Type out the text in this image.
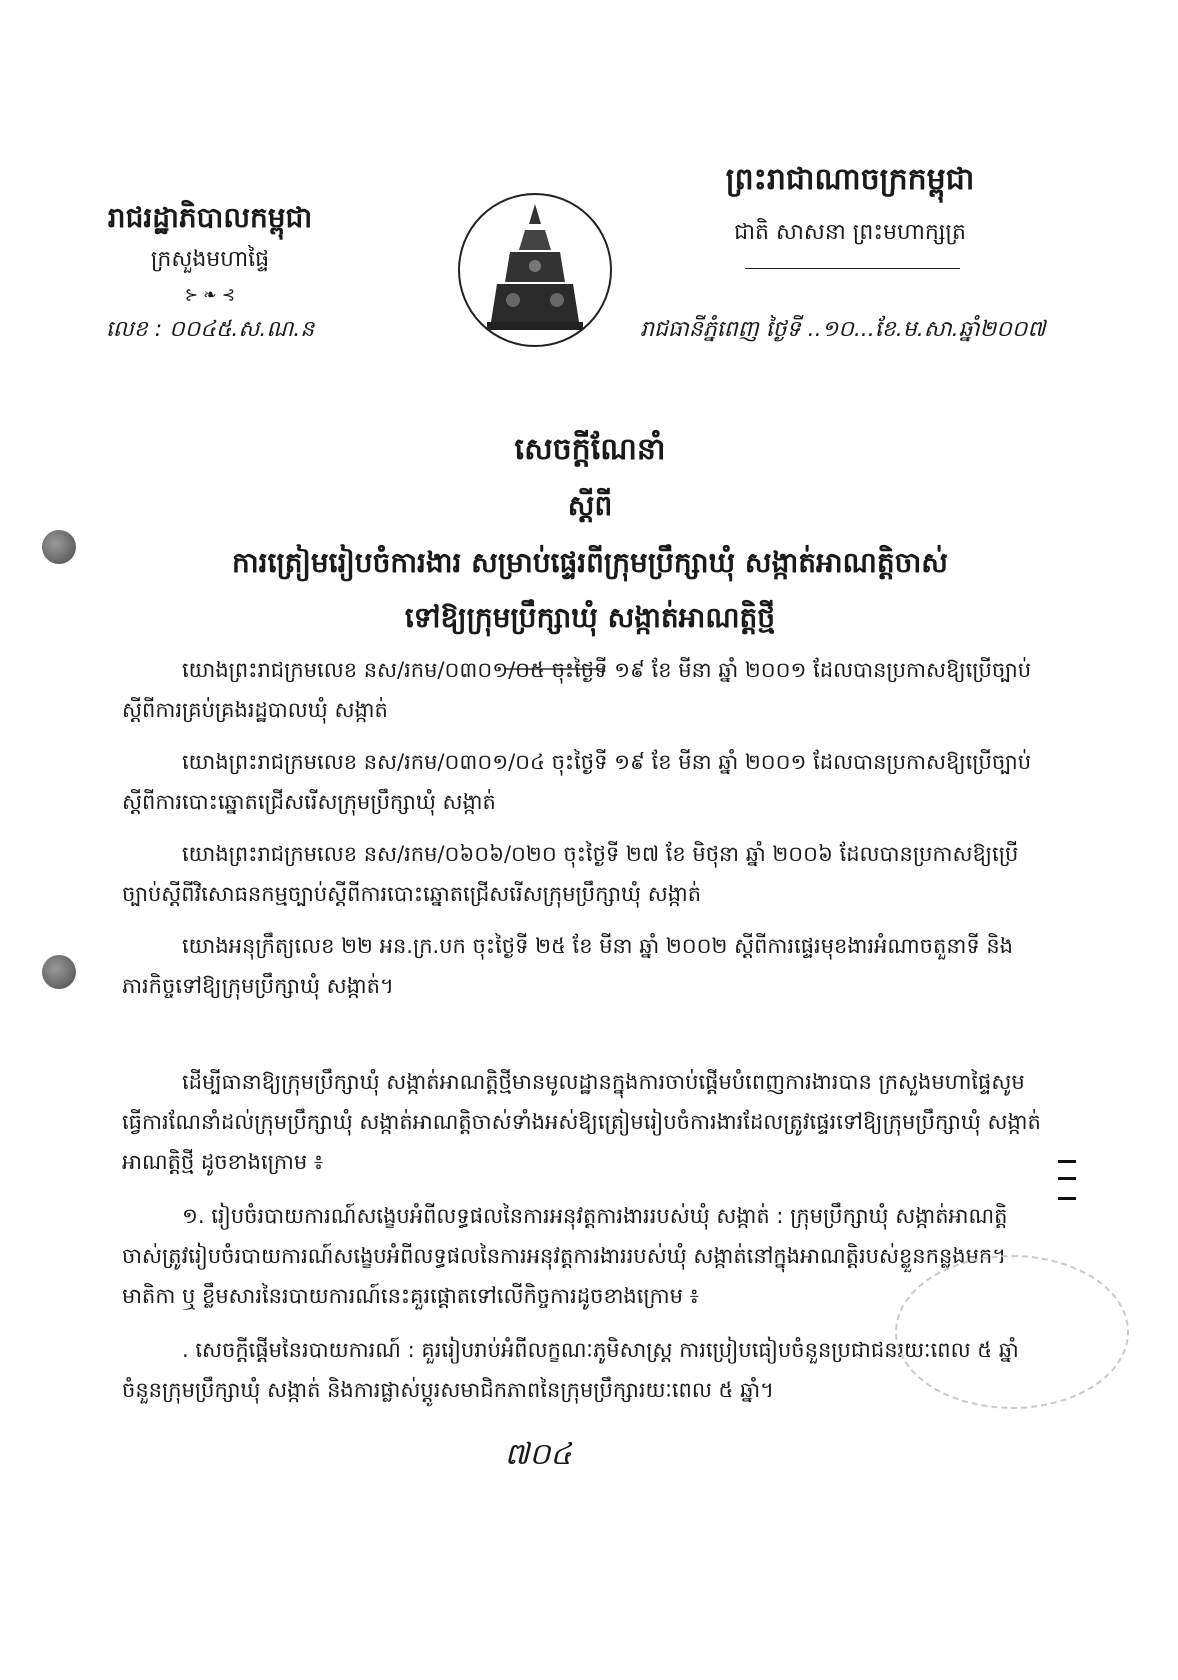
ព្រះរាជាណាចក្រកម្ពុជា
ជាតិ សាសនា ព្រះមហាក្សត្រ
រាជធានីភ្នំពេញ ថ្ងៃទី ..១០...ខែ.ម.សា.ឆ្នាំ២០០៧
រាជរដ្ឋាភិបាលកម្ពុជា
ក្រសួងមហាផ្ទៃ
⊱ ❧ ⊰
លេខ : ០០៤៥.ស.ណ.ន
សេចក្តីណែនាំ
ស្តីពី
ការត្រៀមរៀបចំការងារ សម្រាប់ផ្ទេរពីក្រុមប្រឹក្សាឃុំ សង្កាត់អាណត្តិចាស់
ទៅឱ្យក្រុមប្រឹក្សាឃុំ សង្កាត់អាណត្តិថ្មី
យោងព្រះរាជក្រមលេខ នស/រកម/០៣០១/០៥ ចុះថ្ងៃទី ១៩ ខែ មីនា ឆ្នាំ ២០០១ ដែលបានប្រកាសឱ្យប្រើច្បាប់ស្តីពីការគ្រប់គ្រងរដ្ឋបាលឃុំ សង្កាត់
យោងព្រះរាជក្រមលេខ នស/រកម/០៣០១/០៤ ចុះថ្ងៃទី ១៩ ខែ មីនា ឆ្នាំ ២០០១ ដែលបានប្រកាសឱ្យប្រើច្បាប់ស្តីពីការបោះឆ្នោតជ្រើសរើសក្រុមប្រឹក្សាឃុំ សង្កាត់
យោងព្រះរាជក្រមលេខ នស/រកម/០៦០៦/០២០ ចុះថ្ងៃទី ២៧ ខែ មិថុនា ឆ្នាំ ២០០៦ ដែលបានប្រកាសឱ្យប្រើច្បាប់ស្តីពីវិសោធនកម្មច្បាប់ស្តីពីការបោះឆ្នោតជ្រើសរើសក្រុមប្រឹក្សាឃុំ សង្កាត់
យោងអនុក្រឹត្យលេខ ២២ អន.ក្រ.បក ចុះថ្ងៃទី ២៥ ខែ មីនា ឆ្នាំ ២០០២ ស្តីពីការផ្ទេរមុខងារអំណាចតួនាទី និង ភារកិច្ចទៅឱ្យក្រុមប្រឹក្សាឃុំ សង្កាត់។
ដើម្បីធានាឱ្យក្រុមប្រឹក្សាឃុំ សង្កាត់អាណត្តិថ្មីមានមូលដ្ឋានក្នុងការចាប់ផ្តើមបំពេញការងារបាន ក្រសួងមហាផ្ទៃសូមធ្វើការណែនាំដល់ក្រុមប្រឹក្សាឃុំ សង្កាត់អាណត្តិចាស់ទាំងអស់ឱ្យត្រៀមរៀបចំការងារដែលត្រូវផ្ទេរទៅឱ្យក្រុមប្រឹក្សាឃុំ សង្កាត់អាណត្តិថ្មី ដូចខាងក្រោម ៖
១. រៀបចំរបាយការណ៍សង្ខេបអំពីលទ្ធផលនៃការអនុវត្តការងាររបស់ឃុំ សង្កាត់ : ក្រុមប្រឹក្សាឃុំ សង្កាត់អាណត្តិចាស់ត្រូវរៀបចំរបាយការណ៍សង្ខេបអំពីលទ្ធផលនៃការអនុវត្តការងាររបស់ឃុំ សង្កាត់នៅក្នុងអាណត្តិរបស់ខ្លួនកន្លងមក។ មាតិកា ឬ ខ្លឹមសារនៃរបាយការណ៍នេះគួរផ្តោតទៅលើកិច្ចការដូចខាងក្រោម ៖
. សេចក្តីផ្តើមនៃរបាយការណ៍ : គួររៀបរាប់អំពីលក្ខណៈភូមិសាស្ត្រ ការប្រៀបធៀបចំនួនប្រជាជនរយៈពេល ៥ ឆ្នាំ ចំនួនក្រុមប្រឹក្សាឃុំ សង្កាត់ និងការផ្លាស់ប្តូរសមាជិកភាពនៃក្រុមប្រឹក្សារយៈពេល ៥ ឆ្នាំ។
៧០៤
